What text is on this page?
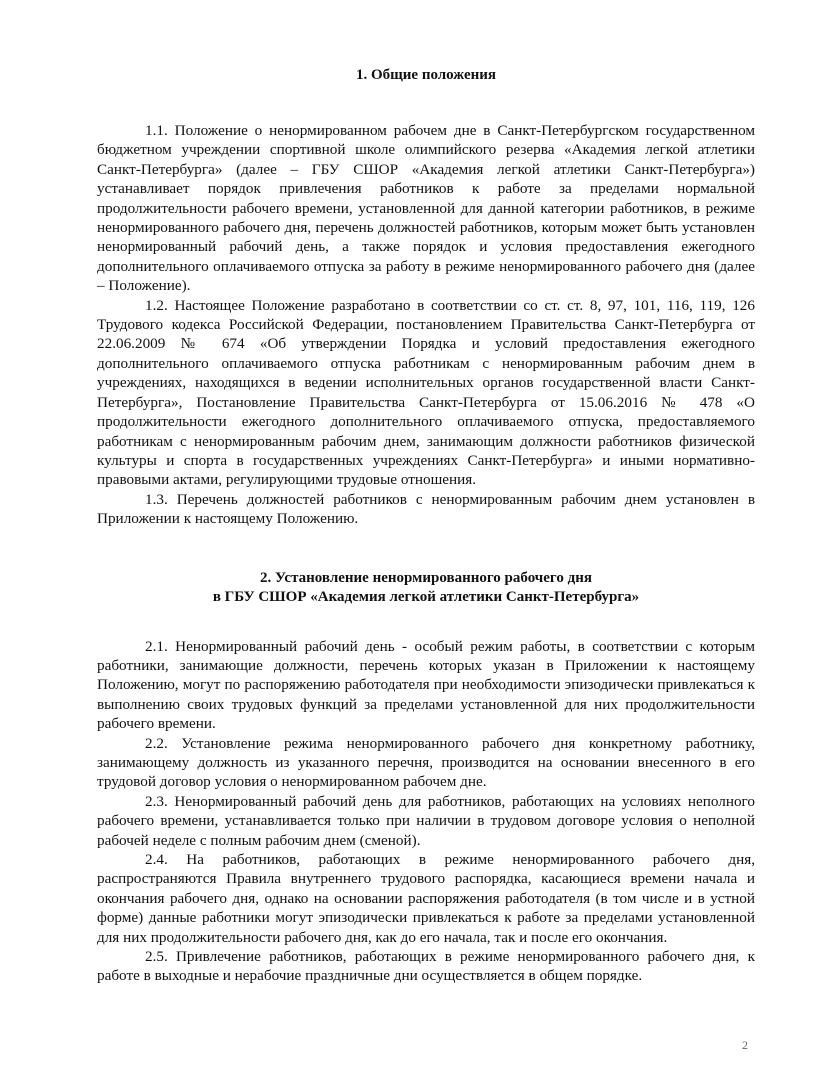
1. Общие положения

1.1. Положение о ненормированном рабочем дне в Санкт-Петербургском государственном бюджетном учреждении спортивной школе олимпийского резерва «Академия легкой атлетики Санкт-Петербурга» (далее – ГБУ СШОР «Академия легкой атлетики Санкт-Петербурга») устанавливает порядок привлечения работников к работе за пределами нормальной продолжительности рабочего времени, установленной для данной категории работников, в режиме ненормированного рабочего дня, перечень должностей работников, которым может быть установлен ненормированный рабочий день, а также порядок и условия предоставления ежегодного дополнительного оплачиваемого отпуска за работу в режиме ненормированного рабочего дня (далее – Положение).

1.2. Настоящее Положение разработано в соответствии со ст. ст. 8, 97, 101, 116, 119, 126 Трудового кодекса Российской Федерации, постановлением Правительства Санкт-Петербурга от 22.06.2009 № 674 «Об утверждении Порядка и условий предоставления ежегодного дополнительного оплачиваемого отпуска работникам с ненормированным рабочим днем в учреждениях, находящихся в ведении исполнительных органов государственной власти Санкт-Петербурга», Постановление Правительства Санкт-Петербурга от 15.06.2016 № 478 «О продолжительности ежегодного дополнительного оплачиваемого отпуска, предоставляемого работникам с ненормированным рабочим днем, занимающим должности работников физической культуры и спорта в государственных учреждениях Санкт-Петербурга» и иными нормативно-правовыми актами, регулирующими трудовые отношения.

1.3. Перечень должностей работников с ненормированным рабочим днем установлен в Приложении к настоящему Положению.

2. Установление ненормированного рабочего дня
в ГБУ СШОР «Академия легкой атлетики Санкт-Петербурга»

2.1. Ненормированный рабочий день - особый режим работы, в соответствии с которым работники, занимающие должности, перечень которых указан в Приложении к настоящему Положению, могут по распоряжению работодателя при необходимости эпизодически привлекаться к выполнению своих трудовых функций за пределами установленной для них продолжительности рабочего времени.

2.2. Установление режима ненормированного рабочего дня конкретному работнику, занимающему должность из указанного перечня, производится на основании внесенного в его трудовой договор условия о ненормированном рабочем дне.

2.3. Ненормированный рабочий день для работников, работающих на условиях неполного рабочего времени, устанавливается только при наличии в трудовом договоре условия о неполной рабочей неделе с полным рабочим днем (сменой).

2.4. На работников, работающих в режиме ненормированного рабочего дня, распространяются Правила внутреннего трудового распорядка, касающиеся времени начала и окончания рабочего дня, однако на основании распоряжения работодателя (в том числе и в устной форме) данные работники могут эпизодически привлекаться к работе за пределами установленной для них продолжительности рабочего дня, как до его начала, так и после его окончания.

2.5. Привлечение работников, работающих в режиме ненормированного рабочего дня, к работе в выходные и нерабочие праздничные дни осуществляется в общем порядке.

2
